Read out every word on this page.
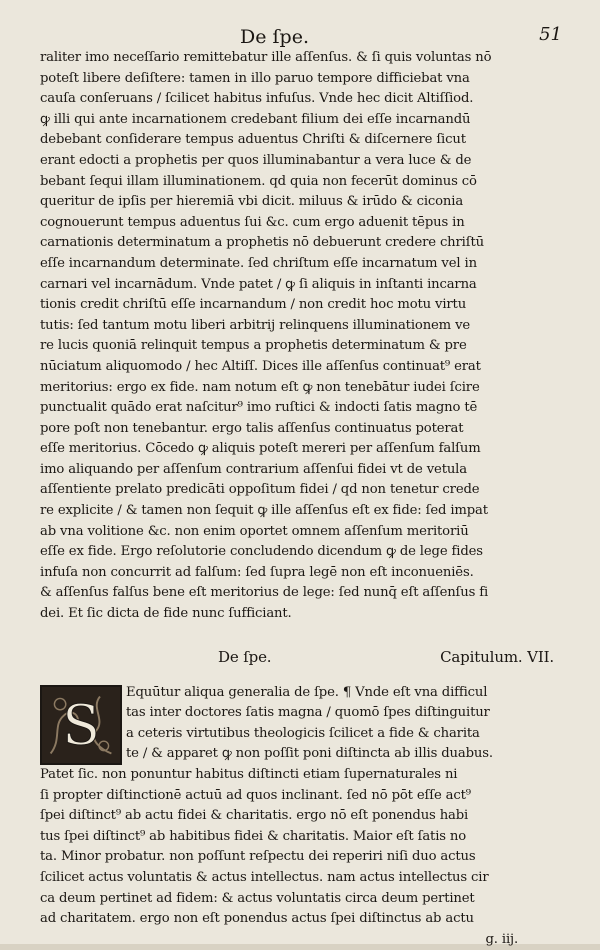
De ſpe.	51
raliter imo neceſſario remittebatur ille aſſenſus. & ſi quis voluntas nō
poteſt libere deſiſtere: tamen in illo paruo tempore difficiebat vna
cauſa conſeruans / ſcilicet habitus infuſus. Vnde hec dicit Altiſſiod.
ꝙ illi qui ante incarnationem credebant filium dei eſſe incarnandū
debebant conſiderare tempus aduentus Chriſti & diſcernere ſicut
erant edocti a prophetis per quos illuminabantur a vera luce & de
bebant ſequi illam illuminationem. qd quia non fecerūt dominus cō
queritur de ipſis per hieremiā vbi dicit. miluus & irūdo & ciconia
cognouerunt tempus aduentus ſui &c. cum ergo aduenit tēpus in
carnationis determinatum a prophetis nō debuerunt credere chriſtū
eſſe incarnandum determinate. ſed chriſtum eſſe incarnatum vel in
carnari vel incarnādum. Vnde patet / ꝙ ſi aliquis in inſtanti incarna
tionis credit chriſtū eſſe incarnandum / non credit hoc motu virtu
tutis: ſed tantum motu liberi arbitrij relinquens illuminationem ve
re lucis quoniā relinquit tempus a prophetis determinatum & pre
nūciatum aliquomodo / hec Altiſſ. Dices ille aſſenſus continuat⁹ erat
meritorius: ergo ex fide. nam notum eſt ꝙ non tenebātur iudei ſcire
punctualit quādo erat naſcitur⁹ imo ruſtici & indocti ſatis magno tē
pore poſt non tenebantur. ergo talis aſſenſus continuatus poterat
eſſe meritorius. Cōcedo ꝙ aliquis poteſt mereri per aſſenſum falſum
imo aliquando per aſſenſum contrarium aſſenſui fidei vt de vetula
aſſentiente prelato predicāti oppoſitum fidei / qd non tenetur crede
re explicite / & tamen non ſequit ꝙ ille aſſenſus eſt ex fide: ſed impat
ab vna volitione &c. non enim oportet omnem aſſenſum meritoriū
eſſe ex fide. Ergo reſolutorie concludendo dicendum ꝙ de lege fides
infuſa non concurrit ad falſum: ſed ſupra legē non eſt inconueniēs.
& aſſenſus falſus bene eſt meritorius de lege: ſed nunq̄ eſt aſſenſus fi
dei. Et ſic dicta de fide nunc ſufficiant.
De ſpe.	Capitulum. VII.
S
Equūtur aliqua generalia de ſpe. ¶ Vnde eſt vna difficul
tas inter doctores ſatis magna / quomō ſpes diſtinguitur
a ceteris virtutibus theologicis ſcilicet a fide & charita
te / & apparet ꝙ non poſſit poni diſtincta ab illis duabus.
Patet ſic. non ponuntur habitus diſtincti etiam ſupernaturales ni
ſi propter diſtinctionē actuū ad quos inclinant. ſed nō pōt eſſe act⁹
ſpei diſtinct⁹ ab actu fidei & charitatis. ergo nō eſt ponendus habi
tus ſpei diſtinct⁹ ab habitibus fidei & charitatis. Maior eſt ſatis no
ta. Minor probatur. non poſſunt reſpectu dei reperiri niſi duo actus
ſcilicet actus voluntatis & actus intellectus. nam actus intellectus cir
ca deum pertinet ad fidem: & actus voluntatis circa deum pertinet
ad charitatem. ergo non eſt ponendus actus ſpei diſtinctus ab actu
g. iij.
